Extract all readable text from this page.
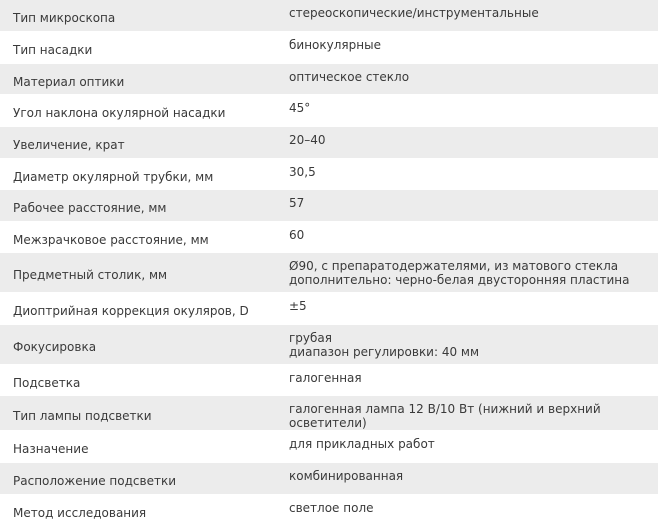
Тип микроскопа	стереоскопические/инструментальные

Тип насадки	бинокулярные

Материал оптики	оптическое стекло

Угол наклона окулярной насадки	45°

Увеличение, крат	20–40

Диаметр окулярной трубки, мм	30,5

Рабочее расстояние, мм	57

Межзрачковое расстояние, мм	60

Предметный столик, мм	Ø90, с препаратодержателями, из матового стекла
дополнительно: черно-белая двусторонняя пластина

Диоптрийная коррекция окуляров, D	±5

Фокусировка	грубая
диапазон регулировки: 40 мм

Подсветка	галогенная

Тип лампы подсветки	галогенная лампа 12 В/10 Вт (нижний и верхний осветители)

Назначение	для прикладных работ

Расположение подсветки	комбинированная

Метод исследования	светлое поле
